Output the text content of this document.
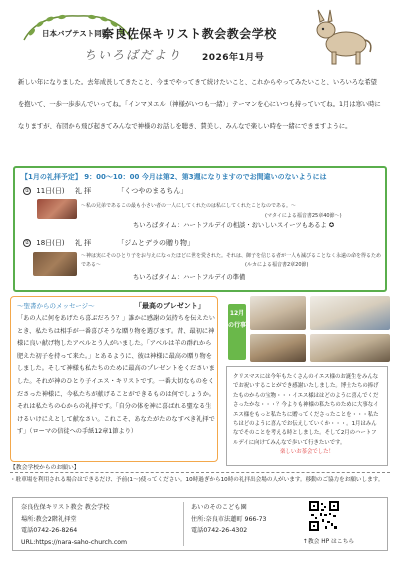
日本バプテスト同盟
奈良佐保キリスト教会教会学校
ちいろばだより 2026年1月号
新しい年になりました。去年成長してきたこと、今までやってきて続けたいこと、これからやってみたいこと、いろいろな希望を抱いて、一歩一歩歩んでいってね。「インマヌエル（神様がいつも一緒）」テーマンを心にいつも持っていてね。1月は寒い時になりますが、布団から飛び起きてみんなで神様のお話しを聴き、賛美し、みんなで楽しい時を一緒にできますように。
【1月の礼拝予定】 9：00～10：00 今月は第2、第3週になりますのでお間違いのないようには
① 11日(日) 礼 拝	「くつやのまるちん」
～私の兄弟であるこの最も小さい者の一人にしてくれたのは私にしてくれたことなのである。～
(マタイによる福音書25章40節～)
ちいろばタイム：ハートフルデイの相談・おいしいスイーツもあるよ ✪
② 18日(日) 礼 拝	「ジムとデラの贈り物」
～神は実にそのひとり子をお与えになったほどに世を愛された。それは、御子を信じる者が一人も滅びることなく永遠の命を得るためである～	(ルカによる福音書2章20節)
ちいろばタイム：ハートフルデイの準備
～聖書からのメッセージ～	「最高のプレゼント」
「あの人に何をあげたら喜ぶだろう？」誰かに感謝の気持ちを伝えたいとき、私たちは相手が一番喜びそうな贈り物を選びます。昔、最初に神様に良い献げ物したアベルとう人がいました。「アベルは羊の群れから肥えた初子を持って来た。」とあるように、彼は神様に最高の贈り物をしました。そして神様も私たちのために最高のプレゼントをくださいました。それが神のひとり子イエス・キリストです。一番大切なものをくださった神様に、今私たちが献げることができるものは何でしょうか。それは私たちの心からの礼拝です。「自分の体を神に喜ばれる聖なる生けるいけにえとして献なさい。これこそ、あなたがたのなすべき礼拝です」（ローマの信徒への手紙12章1節より）
12月の行事
クリスマスには今年もたくさんのイエス様のお誕生をみんなでお祝いすることができ感謝いたしました。博士たちの捧げたものからの宝物・・・イエス様ははどのように喜んでくださったかな・・・？今よりも神様の私たちのために大事なイエス様をもっと私たちに贈ってくださったことを・・・私たちはどのように喜んでお伝えしていくか・・・。1月はみんなでそのことを考える時としました。そして2月のハートフルデイに向けてみんなで歩いて行きたいです。
楽しいお茶会でした！
【教会学校からのお願い】
・駐車場を利用される場合はできるだけ、予前(1～)使ってください。10時過ぎから10時の礼拝出会場の人がいます。移動のご協力をお願いします。
奈良佐保キリスト教会 教会学校
場所:教会2階礼拝堂
電話0742-26-8264
URL:https://nara-saho-church.com
あいのそのこども園
住所:奈良市法蓮町 966-73
電話0742-26-4302
↑教会 HP はこちら
